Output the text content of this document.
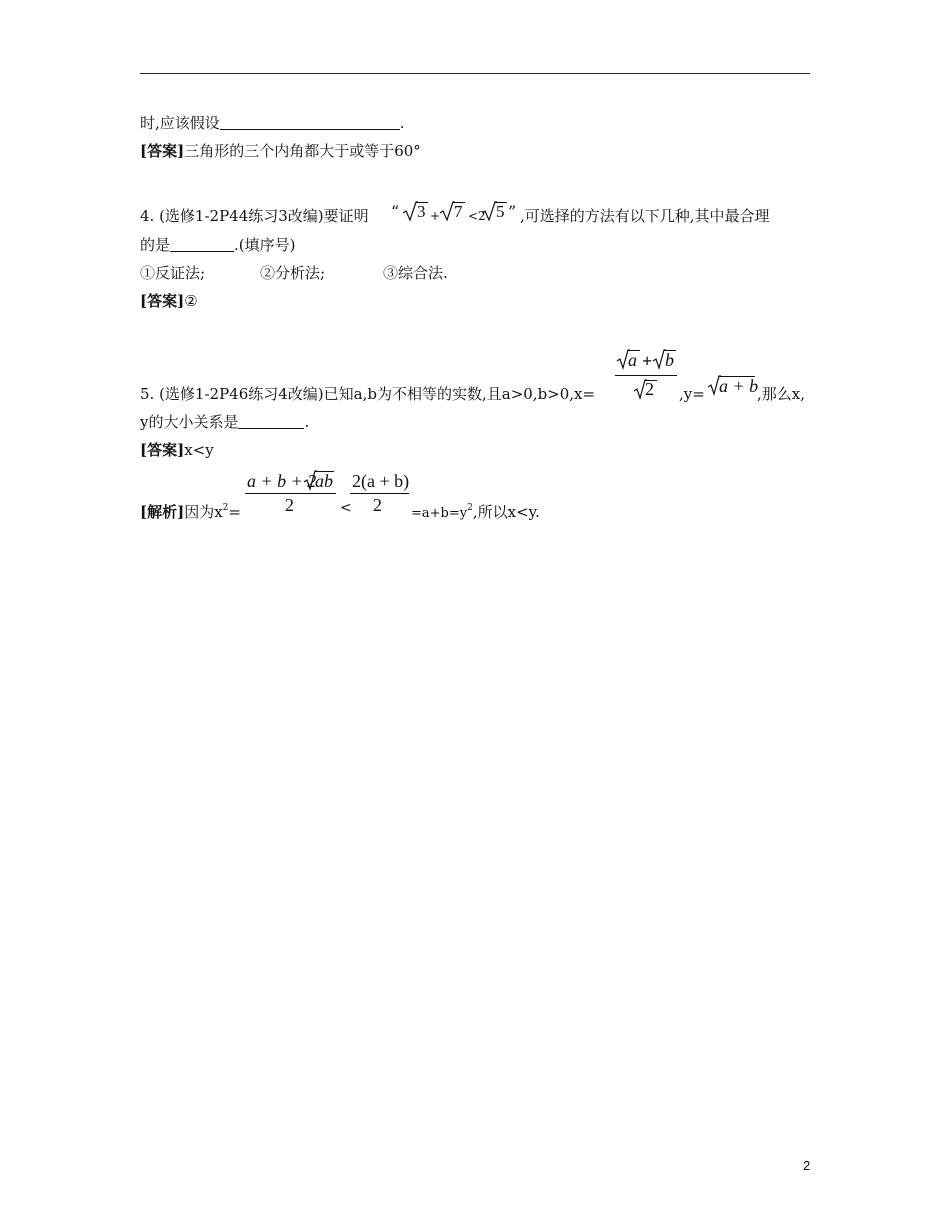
时,应该假设	.
[答案]三角形的三个内角都大于或等于60°
4. (选修1-2P44练习3改编)要证明 “ 3 + 7 <2 5 ” ,可选择的方法有以下几种,其中最合理
的是	.(填序号)
①反证法;	②分析法;	③综合法.
[答案]②
5. (选修1-2P46练习4改编)已知a,b为不相等的实数,且a>0,b>0,x=
a + b
2 ,y= a + b
,那么x,
y的大小关系是	.
[答案]x<y
[解析]因为$x^2=$
a + b + 2
ab
2	<
2(a + b)
$2 =a+b=y^2$,所以x<y.
2
